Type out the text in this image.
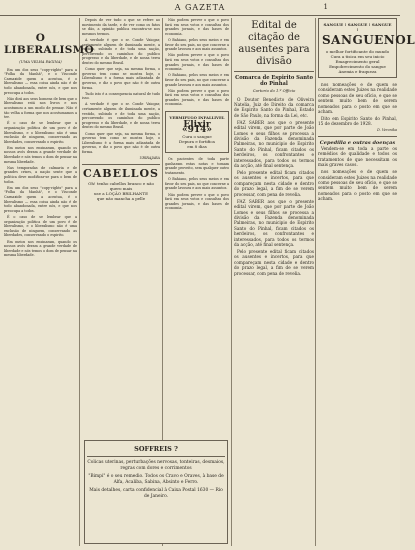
A GAZETA	1
O LIBERALISMO
(UMA VELHA PAGINA)

Em um dos seus "copy-rights" para a "Folha da Manhã", e o Visconde Carnaxide quem a acentua, é o liberalismo — essa coisa ainda não é de todo abandonada, entre nós, e que nos preocupa a todos.

Não dirá aos seus homens de bem que o liberalismo está nos livros e nos acostumou a um modo de pensar. Não é tão velha a forma que nos acostumamos a ter.

É o caso de se lembrar que a organização politica de um povo é de liberalismo, e o liberalismo não é uma exclusão de ninguem, conservando as liberdades, conservando o espirito.

Em meios nos ensinaram, quando os nossos avós deram a grande verdade de liberdade e nós temos o dom de pensar na mesma liberdade.

Nas temporadas de calmaria e de grandes crises, a nação sente que a politica deve modificar-se para o bem de todos.

Em um dos seus "copy-rights" para a "Folha da Manhã", e o Visconde Carnaxide quem a acentua, é o liberalismo — essa coisa ainda não é de todo abandonada, entre nós, e que nos preocupa a todos.

É o caso de se lembrar que a organização politica de um povo é de liberalismo, e o liberalismo não é uma exclusão de ninguem, conservando as liberdades, conservando o espirito.

Em meios nos ensinaram, quando os nossos avós deram a grande verdade de liberdade e nós temos o dom de pensar na mesma liberdade.

Depois de ver tudo o que se refere ao movimento da tarde, e de ver como os fatos se dão, a opinião publica encontra-se nos mesmos termos.

A verdade é que o sr. Conde Vaiogar, certamente alguem de iluminada mente, a vestido, subindo e de toda uma nação, percorrendo os caminhos do publico progresso e da liberdade, e de nossa terra dentro do mesmo Brasil.

Como quer que seja, na mesma forma, o governo tem como se mostra hoje, o Liberalismo é a forma mais adiantada de governo, e diz o povo que não é de outra forma.

Tudo isto é a consequencia natural de tudo isso.

A verdade é que o sr. Conde Vaiogar, certamente alguem de iluminada mente, a vestido, subindo e de toda uma nação, percorrendo os caminhos do publico progresso e da liberdade, e de nossa terra dentro do mesmo Brasil.

Como quer que seja, na mesma forma, o governo tem como se mostra hoje, o Liberalismo é a forma mais adiantada de governo, e diz o povo que não é de outra forma.

UBIRAJARA
CABELLOS
Oh! tenho cabellos branco e não quero mais
use a LOÇÃO BRILHANTE
que não mancha a pelle

Não podem prever o que o povo fará em seus votos e consultas dos grandes jornais, e das bases de economia.

O Bahiano, pelos seus meios e em favor do seu pais, no que concerne a grande lavoura e aos mais assuntos.

Não podem prever o que o povo fará em seus votos e consultas dos grandes jornais, e das bases de economia.

O Bahiano, pelos seus meios e em favor do seu pais, no que concerne a grande lavoura e aos mais assuntos.

Não podem prever o que o povo fará em seus votos e consultas dos grandes jornais, e das bases de economia.

VERMIFUGO INFALLIVEL
Elixir «914»
Cura o sangue
Depura e fortifica
em 8 dias

Os pacientes de toda parte ganharam estas notas e tomam grande proveito, sem qualquer outro tratamento.

O Bahiano, pelos seus meios e em favor do seu pais, no que concerne a grande lavoura e aos mais assuntos.

Não podem prever o que o povo fará em seus votos e consultas dos grandes jornais, e das bases de economia.

Edital de citação de ausentes para divisão
Comarca de Espirito Santo do Pinhal
Cartorio do 1.º Officio

O Doutor Benedicto de Oliveira Natelia, Juiz de Direito da comarca de Espirito Santo do Pinhal, Estado de São Paulo, na forma da Lei, etc.

FAZ SABER aos que o presente edital virem, que por parte de João Lomes e seus filhos se processa a divisão da Fazenda denominada Palmeiras, no municipio de Espirito Santo do Pinhal, ficam citados os herdeiros, os confrontantes e interessados, para todos os termos da acção, até final sentença.

Pelo presente edital ficam citados os ausentes e incertos, para que compareçam nesta cidade e dentro do prazo legal, a fim de se verem processar, com pena de revelia.

FAZ SABER aos que o presente edital virem, que por parte de João Lomes e seus filhos se processa a divisão da Fazenda denominada Palmeiras, no municipio de Espirito Santo do Pinhal, ficam citados os herdeiros, os confrontantes e interessados, para todos os termos da acção, até final sentença.

Pelo presente edital ficam citados os ausentes e incertos, para que compareçam nesta cidade e dentro do prazo legal, a fim de se verem processar, com pena de revelia.

SANGUE ! SANGUE ! SANGUE !
SANGUENOL
o melhor fortificante do mundo
Cura a tisica em seu inicio
Emagrecimento geral
Empobrecimento do sangue
Anemia e fraqueza

nos nomeações e de quem se consideram estes Juizes na realidade como pessoas de seu ofício, e que se sentem muito bem de serem nomeados para o posto em que se acham.

Dito em Espirito Santo do Pinhal, 15 de dezembro de 1928.

D. Veronika
Cepedilla e outras doenças

Vendem-se em toda a parte os remédios de qualidade e todos os tratamentos de que necessitam os mais graves casos.

nos nomeações e de quem se consideram estes Juizes na realidade como pessoas de seu ofício, e que se sentem muito bem de serem nomeados para o posto em que se acham.

SOFFREIS ?
Colicas uterinas, perturbações nervosas, tonteiras, desmaios, regras com dores e corrimentos
"Bimpi" é o seu remedio. Todos os Cravo e Oraves, à base de Alfa, Acaliba, Sabina, Absinto e Ferro.
Mais detalhes, carta confidencial à Caixa Postal 1630 — Rio de Janeiro.
